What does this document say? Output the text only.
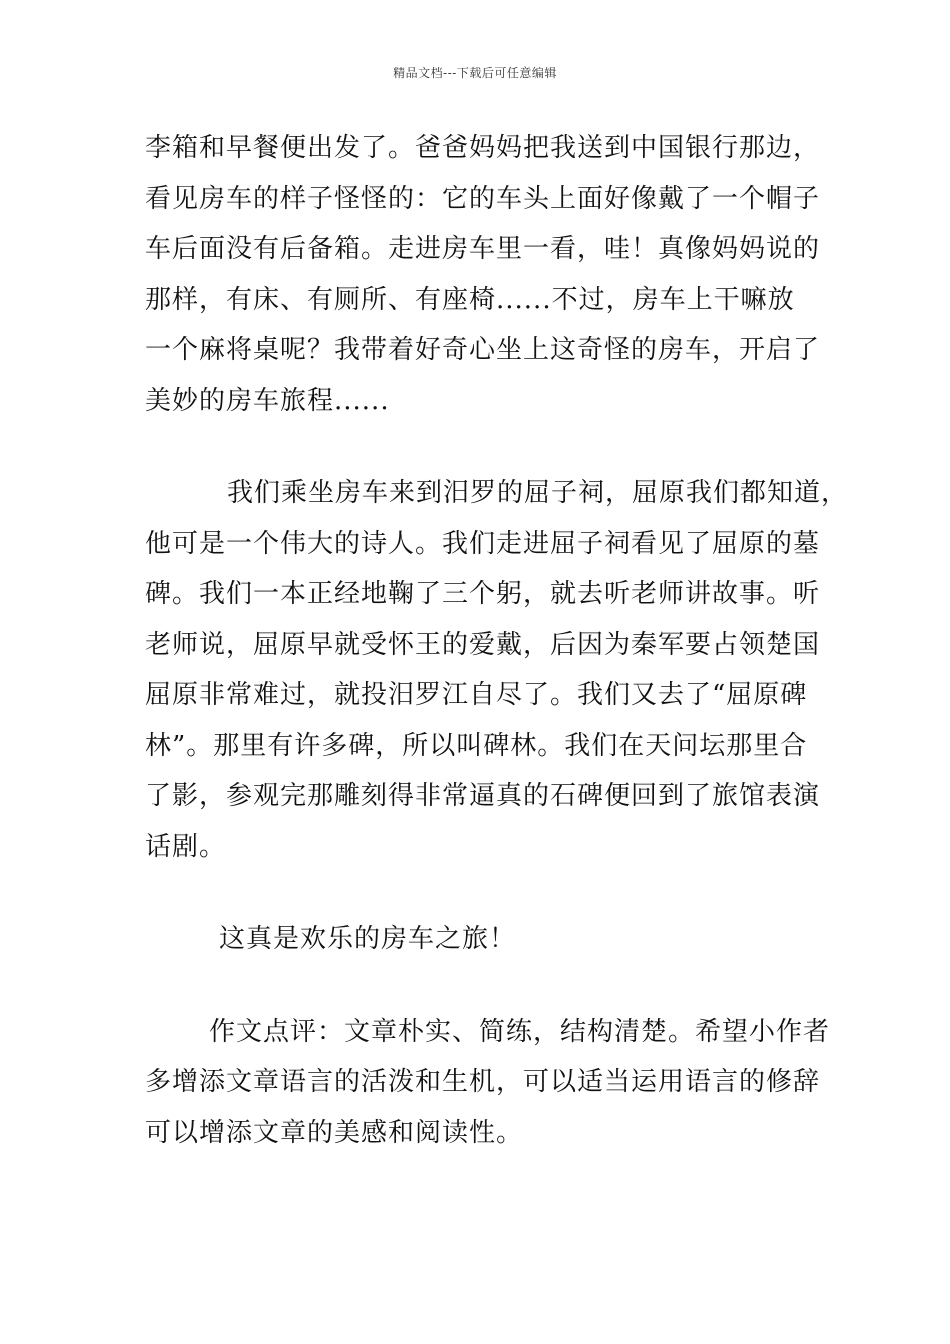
精品文档---下载后可任意编辑
李箱和早餐便出发了。爸爸妈妈把我送到中国银行那边，
看见房车的样子怪怪的：它的车头上面好像戴了一个帽子
车后面没有后备箱。走进房车里一看，哇！真像妈妈说的
那样，有床、有厕所、有座椅......不过，房车上干嘛放
一个麻将桌呢？我带着好奇心坐上这奇怪的房车，开启了
美妙的房车旅程......
我们乘坐房车来到汨罗的屈子祠，屈原我们都知道，
他可是一个伟大的诗人。我们走进屈子祠看见了屈原的墓
碑。我们一本正经地鞠了三个躬，就去听老师讲故事。听
老师说，屈原早就受怀王的爱戴，后因为秦军要占领楚国
屈原非常难过，就投汨罗江自尽了。我们又去了“屈原碑
林”。那里有许多碑，所以叫碑林。我们在天问坛那里合
了影，参观完那雕刻得非常逼真的石碑便回到了旅馆表演
话剧。
这真是欢乐的房车之旅！
作文点评：文章朴实、简练，结构清楚。希望小作者
多增添文章语言的活泼和生机，可以适当运用语言的修辞
可以增添文章的美感和阅读性。
